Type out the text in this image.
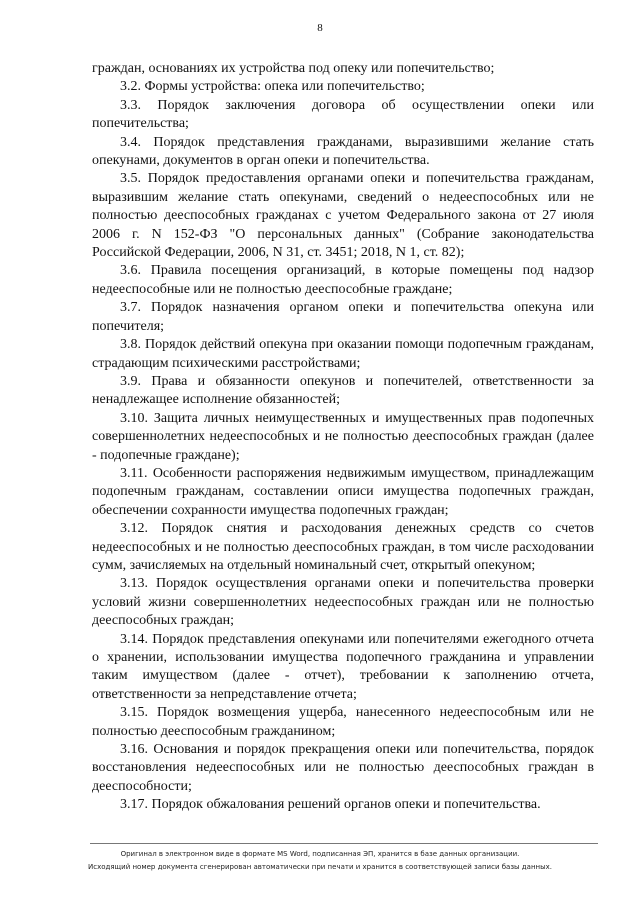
8

граждан, основаниях их устройства под опеку или попечительство;

3.2. Формы устройства: опека или попечительство;

3.3. Порядок заключения договора об осуществлении опеки или попечительства;

3.4. Порядок представления гражданами, выразившими желание стать опекунами, документов в орган опеки и попечительства.

3.5. Порядок предоставления органами опеки и попечительства гражданам, выразившим желание стать опекунами, сведений о недееспособных или не полностью дееспособных гражданах с учетом Федерального закона от 27 июля 2006 г. N 152-ФЗ "О персональных данных" (Собрание законодательства Российской Федерации, 2006, N 31, ст. 3451; 2018, N 1, ст. 82);

3.6. Правила посещения организаций, в которые помещены под надзор недееспособные или не полностью дееспособные граждане;

3.7. Порядок назначения органом опеки и попечительства опекуна или попечителя;

3.8. Порядок действий опекуна при оказании помощи подопечным гражданам, страдающим психическими расстройствами;

3.9. Права и обязанности опекунов и попечителей, ответственности за ненадлежащее исполнение обязанностей;

3.10. Защита личных неимущественных и имущественных прав подопечных совершеннолетних недееспособных и не полностью дееспособных граждан (далее - подопечные граждане);

3.11. Особенности распоряжения недвижимым имуществом, принадлежащим подопечным гражданам, составлении описи имущества подопечных граждан, обеспечении сохранности имущества подопечных граждан;

3.12. Порядок снятия и расходования денежных средств со счетов недееспособных и не полностью дееспособных граждан, в том числе расходовании сумм, зачисляемых на отдельный номинальный счет, открытый опекуном;

3.13. Порядок осуществления органами опеки и попечительства проверки условий жизни совершеннолетних недееспособных граждан или не полностью дееспособных граждан;

3.14. Порядок представления опекунами или попечителями ежегодного отчета о хранении, использовании имущества подопечного гражданина и управлении таким имуществом (далее - отчет), требовании к заполнению отчета, ответственности за непредставление отчета;

3.15. Порядок возмещения ущерба, нанесенного недееспособным или не полностью дееспособным гражданином;

3.16. Основания и порядок прекращения опеки или попечительства, порядок восстановления недееспособных или не полностью дееспособных граждан в дееспособности;

3.17. Порядок обжалования решений органов опеки и попечительства.

Оригинал в электронном виде в формате MS Word, подписанная ЭП, хранится в базе данных организации.
Исходящий номер документа сгенерирован автоматически при печати и хранится в соответствующей записи базы данных.
